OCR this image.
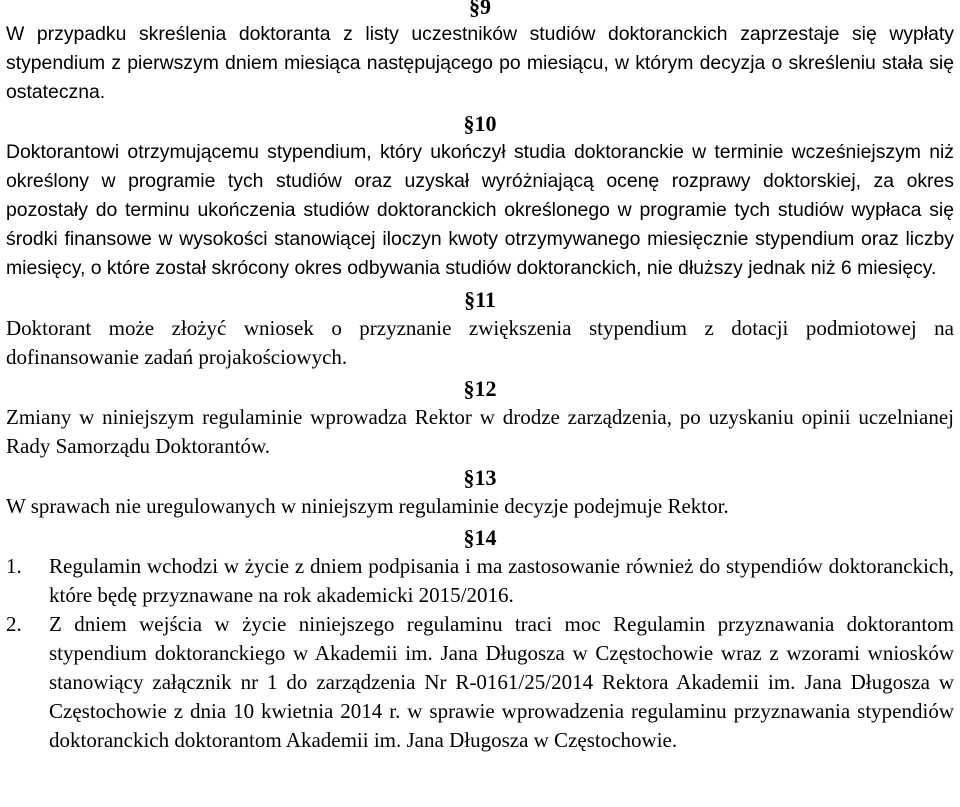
§9

W przypadku skreślenia doktoranta z listy uczestników studiów doktoranckich zaprzestaje się wypłaty stypendium z pierwszym dniem miesiąca następującego po miesiącu, w którym decyzja o skreśleniu stała się ostateczna.

§10

Doktorantowi otrzymującemu stypendium, który ukończył studia doktoranckie w terminie wcześniejszym niż określony w programie tych studiów oraz uzyskał wyróżniającą ocenę rozprawy doktorskiej, za okres pozostały do terminu ukończenia studiów doktoranckich określonego w programie tych studiów wypłaca się środki finansowe w wysokości stanowiącej iloczyn kwoty otrzymywanego miesięcznie stypendium oraz liczby miesięcy, o które został skrócony okres odbywania studiów doktoranckich, nie dłuższy jednak niż 6 miesięcy.

§11

Doktorant może złożyć wniosek o przyznanie zwiększenia stypendium z dotacji podmiotowej na dofinansowanie zadań projakościowych.

§12

Zmiany w niniejszym regulaminie wprowadza Rektor w drodze zarządzenia, po uzyskaniu opinii uczelnianej Rady Samorządu Doktorantów.

§13

W sprawach nie uregulowanych w niniejszym regulaminie decyzje podejmuje Rektor.

§14
1.	Regulamin wchodzi w życie z dniem podpisania i ma zastosowanie również do stypendiów doktoranckich, które będę przyznawane na rok akademicki 2015/2016.
2.	Z dniem wejścia w życie niniejszego regulaminu traci moc Regulamin przyznawania doktorantom stypendium doktoranckiego w Akademii im. Jana Długosza w Częstochowie wraz z wzorami wniosków stanowiący załącznik nr 1 do zarządzenia Nr R-0161/25/2014 Rektora Akademii im. Jana Długosza w Częstochowie z dnia 10 kwietnia 2014 r. w sprawie wprowadzenia regulaminu przyznawania stypendiów doktoranckich doktorantom Akademii im. Jana Długosza w Częstochowie.
